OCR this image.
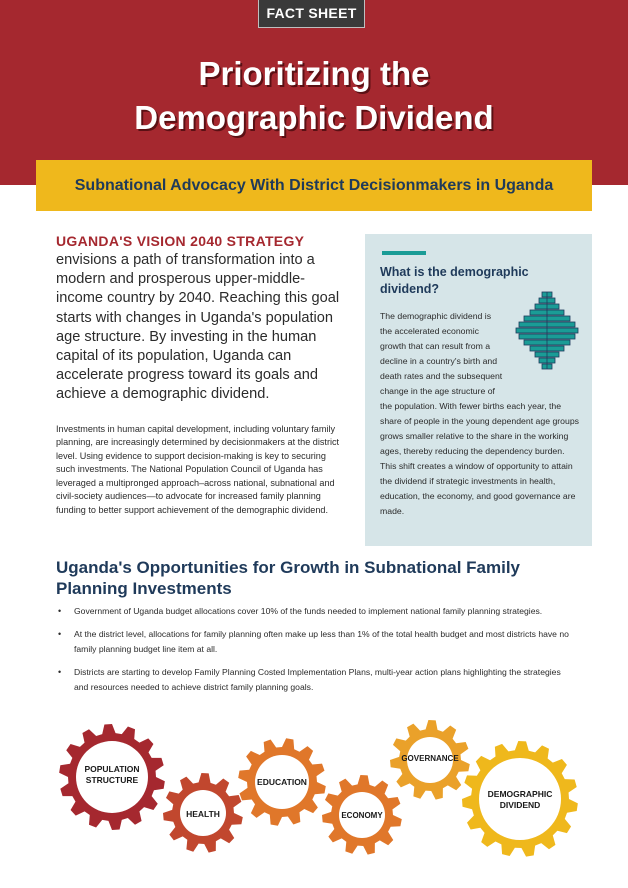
FACT SHEET
Prioritizing the
Demographic Dividend
Subnational Advocacy With District Decisionmakers in Uganda

UGANDA'S VISION 2040 STRATEGY

envisions a path of transformation into a modern and prosperous upper-middle-income country by 2040. Reaching this goal starts with changes in Uganda's population age structure. By investing in the human capital of its population, Uganda can accelerate progress toward its goals and achieve a demographic dividend.

Investments in human capital development, including voluntary family planning, are increasingly determined by decisionmakers at the district level. Using evidence to support decision-making is key to securing such investments. The National Population Council of Uganda has leveraged a multipronged approach–across national, subnational and civil-society audiences—to advocate for increased family planning funding to better support achievement of the demographic dividend.

What is the demographic dividend?
The demographic dividend is the accelerated economic growth that can result from a decline in a country's birth and death rates and the subsequent change in the age structure of the population. With fewer births each year, the share of people in the young dependent age groups grows smaller relative to the share in the working ages, thereby reducing the dependency burden. This shift creates a window of opportunity to attain the dividend if strategic investments in health, education, the economy, and good governance are made.
Uganda's Opportunities for Growth in Subnational Family Planning Investments
• Government of Uganda budget allocations cover 10% of the funds needed to implement national family planning strategies.
• At the district level, allocations for family planning often make up less than 1% of the total health budget and most districts have no family planning budget line item at all.
• Districts are starting to develop Family Planning Costed Implementation Plans, multi-year action plans highlighting the strategies and resources needed to achieve district family planning goals.
POPULATION
STRUCTURE
HEALTH
EDUCATION
ECONOMY
GOVERNANCE
DEMOGRAPHIC
DIVIDEND
